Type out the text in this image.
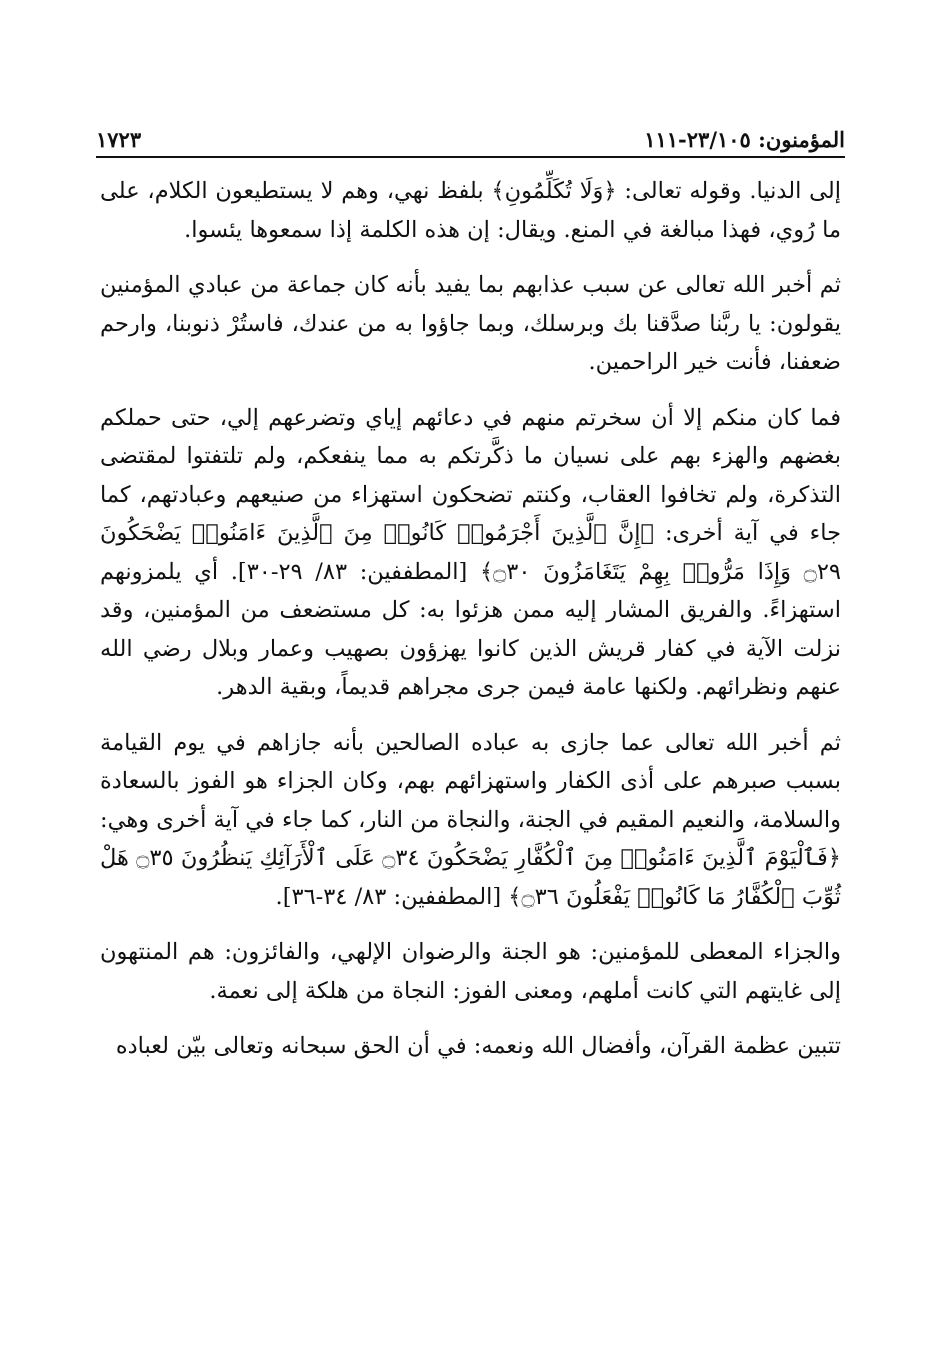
المؤمنون: ٢٣/١٠٥-١١١
١٧٢٣

إلى الدنيا. وقوله تعالى: ﴿وَلَا تُكَلِّمُونِ﴾ بلفظ نهي، وهم لا يستطيعون الكلام، على ما رُوي، فهذا مبالغة في المنع. ويقال: إن هذه الكلمة إذا سمعوها يئسوا.

ثم أخبر الله تعالى عن سبب عذابهم بما يفيد بأنه كان جماعة من عبادي المؤمنين يقولون: يا ربَّنا صدَّقنا بك وبرسلك، وبما جاؤوا به من عندك، فاستُرْ ذنوبنا، وارحم ضعفنا، فأنت خير الراحمين.

فما كان منكم إلا أن سخرتم منهم في دعائهم إياي وتضرعهم إلي، حتى حملكم بغضهم والهزء بهم على نسيان ما ذكَّرتكم به مما ينفعكم، ولم تلتفتوا لمقتضى التذكرة، ولم تخافوا العقاب، وكنتم تضحكون استهزاء من صنيعهم وعبادتهم، كما جاء في آية أخرى: ﴿إِنَّ ٱلَّذِينَ أَجْرَمُوا۟ كَانُوا۟ مِنَ ٱلَّذِينَ ءَامَنُوا۟ يَضْحَكُونَ ۝٢٩ وَإِذَا مَرُّوا۟ بِهِمْ يَتَغَامَزُونَ ۝٣٠﴾ [المطففين: ٨٣/ ٢٩-٣٠]. أي يلمزونهم استهزاءً. والفريق المشار إليه ممن هزئوا به: كل مستضعف من المؤمنين، وقد نزلت الآية في كفار قريش الذين كانوا يهزؤون بصهيب وعمار وبلال رضي الله عنهم ونظرائهم. ولكنها عامة فيمن جرى مجراهم قديماً، وبقية الدهر.

ثم أخبر الله تعالى عما جازى به عباده الصالحين بأنه جازاهم في يوم القيامة بسبب صبرهم على أذى الكفار واستهزائهم بهم، وكان الجزاء هو الفوز بالسعادة والسلامة، والنعيم المقيم في الجنة، والنجاة من النار، كما جاء في آية أخرى وهي: ﴿فَٱلْيَوْمَ ٱلَّذِينَ ءَامَنُوا۟ مِنَ ٱلْكُفَّارِ يَضْحَكُونَ ۝٣٤ عَلَى ٱلْأَرَآئِكِ يَنظُرُونَ ۝٣٥ هَلْ ثُوِّبَ ٱلْكُفَّارُ مَا كَانُوا۟ يَفْعَلُونَ ۝٣٦﴾ [المطففين: ٨٣/ ٣٤-٣٦].

والجزاء المعطى للمؤمنين: هو الجنة والرضوان الإلهي، والفائزون: هم المنتهون إلى غايتهم التي كانت أملهم، ومعنى الفوز: النجاة من هلكة إلى نعمة.

تتبين عظمة القرآن، وأفضال الله ونعمه: في أن الحق سبحانه وتعالى بيّن لعباده
